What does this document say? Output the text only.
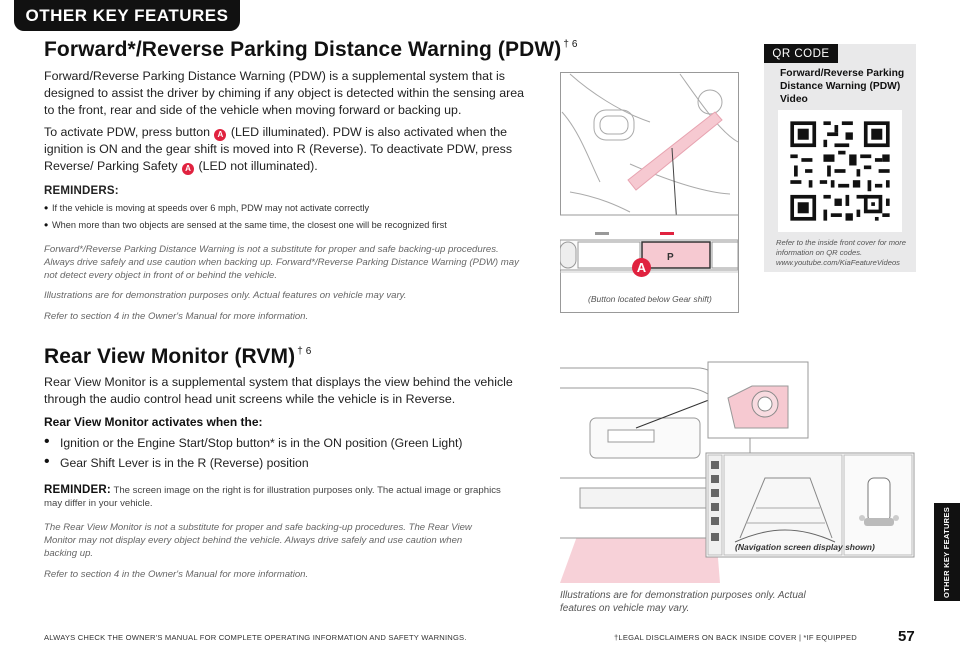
OTHER KEY FEATURES
OTHER KEY FEATURES
Forward*/Reverse Parking Distance Warning (PDW) $^{\dagger 6}$
Forward/Reverse Parking Distance Warning (PDW) is a supplemental system that is designed to assist the driver by chiming if any object is detected within the sensing area to the front, rear and side of the vehicle when moving forward or backing up.
To activate PDW, press button A (LED illuminated). PDW is also activated when the ignition is ON and the gear shift is moved into R (Reverse). To deactivate PDW, press Reverse/ Parking Safety A (LED not illuminated).
REMINDERS:
• If the vehicle is moving at speeds over 6 mph, PDW may not activate correctly
• When more than two objects are sensed at the same time, the closest one will be recognized first
Forward*/Reverse Parking Distance Warning is not a substitute for proper and safe backing-up procedures. Always drive safely and use caution when backing up. Forward*/Reverse Parking Distance Warning (PDW) may not detect every object in front of or behind the vehicle.
Illustrations are for demonstration purposes only. Actual features on vehicle may vary.
Refer to section 4 in the Owner's Manual for more information.
P
A
(Button located below Gear shift)
QR CODE
Forward/Reverse Parking Distance Warning (PDW) Video
Refer to the inside front cover for more information on QR codes. www.youtube.com/KiaFeatureVideos
Rear View Monitor (RVM) $^{\dagger 6}$
Rear View Monitor is a supplemental system that displays the view behind the vehicle through the audio control head unit screens while the vehicle is in Reverse.
Rear View Monitor activates when the:
• Ignition or the Engine Start/Stop button* is in the ON position (Green Light)
• Gear Shift Lever is in the R (Reverse) position
REMINDER: The screen image on the right is for illustration purposes only. The actual image or graphics may differ in your vehicle.
The Rear View Monitor is not a substitute for proper and safe backing-up procedures. The Rear View Monitor may not display every object behind the vehicle. Always drive safely and use caution when backing up.
Refer to section 4 in the Owner's Manual for more information.
(Navigation screen display shown)
Illustrations are for demonstration purposes only. Actual features on vehicle may vary.
ALWAYS CHECK THE OWNER'S MANUAL FOR COMPLETE OPERATING INFORMATION AND SAFETY WARNINGS.	†LEGAL DISCLAIMERS ON BACK INSIDE COVER | *IF EQUIPPED	57
